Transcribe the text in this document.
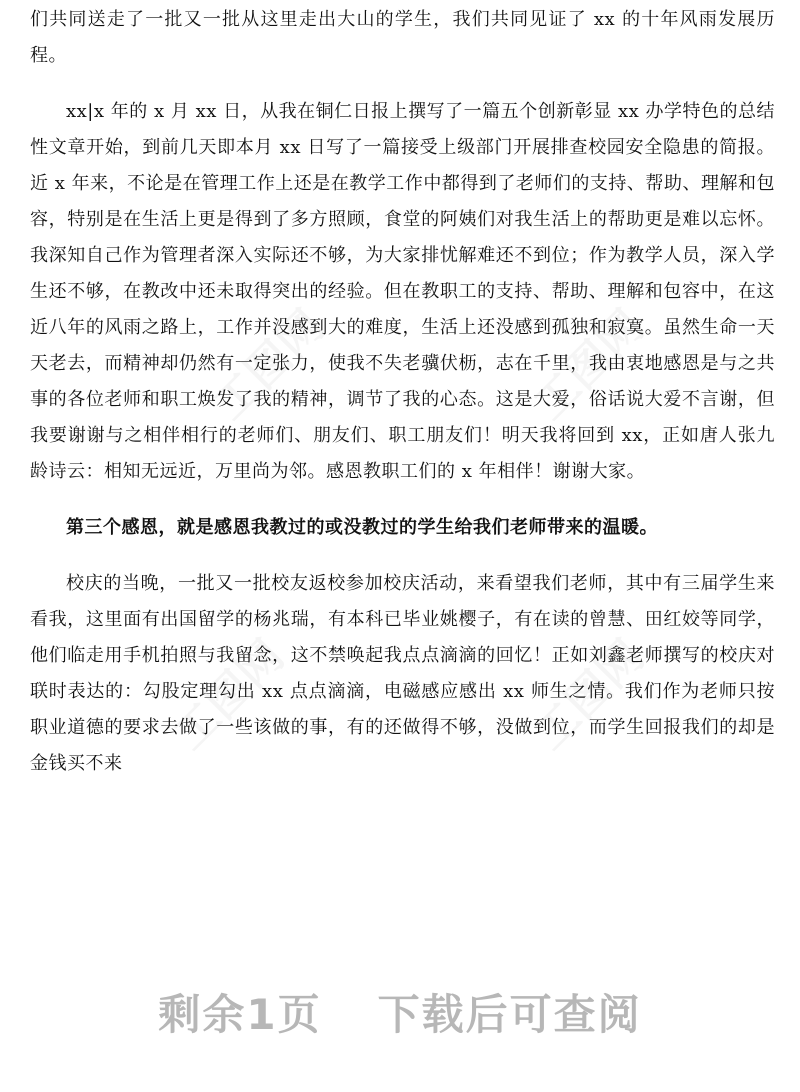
工图网	工图网
工图网	工图网

们共同送走了一批又一批从这里走出大山的学生，我们共同见证了 xx 的十年风雨发展历程。

xx|x 年的 x 月 xx 日，从我在铜仁日报上撰写了一篇五个创新彰显 xx 办学特色的总结性文章开始，到前几天即本月 xx 日写了一篇接受上级部门开展排查校园安全隐患的简报。近 x 年来，不论是在管理工作上还是在教学工作中都得到了老师们的支持、帮助、理解和包容，特别是在生活上更是得到了多方照顾，食堂的阿姨们对我生活上的帮助更是难以忘怀。我深知自己作为管理者深入实际还不够，为大家排忧解难还不到位；作为教学人员，深入学生还不够，在教改中还未取得突出的经验。但在教职工的支持、帮助、理解和包容中，在这近八年的风雨之路上，工作并没感到大的难度，生活上还没感到孤独和寂寞。虽然生命一天天老去，而精神却仍然有一定张力，使我不失老骥伏枥，志在千里，我由衷地感恩是与之共事的各位老师和职工焕发了我的精神，调节了我的心态。这是大爱，俗话说大爱不言谢，但我要谢谢与之相伴相行的老师们、朋友们、职工朋友们！明天我将回到 xx，正如唐人张九龄诗云：相知无远近，万里尚为邻。感恩教职工们的 x 年相伴！谢谢大家。

第三个感恩，就是感恩我教过的或没教过的学生给我们老师带来的温暖。

校庆的当晚，一批又一批校友返校参加校庆活动，来看望我们老师，其中有三届学生来看我，这里面有出国留学的杨兆瑞，有本科已毕业姚樱子，有在读的曾慧、田红姣等同学，他们临走用手机拍照与我留念，这不禁唤起我点点滴滴的回忆！正如刘鑫老师撰写的校庆对联时表达的：勾股定理勾出 xx 点点滴滴，电磁感应感出 xx 师生之情。我们作为老师只按职业道德的要求去做了一些该做的事，有的还做得不够，没做到位，而学生回报我们的却是金钱买不来

剩余1页 下载后可查阅
